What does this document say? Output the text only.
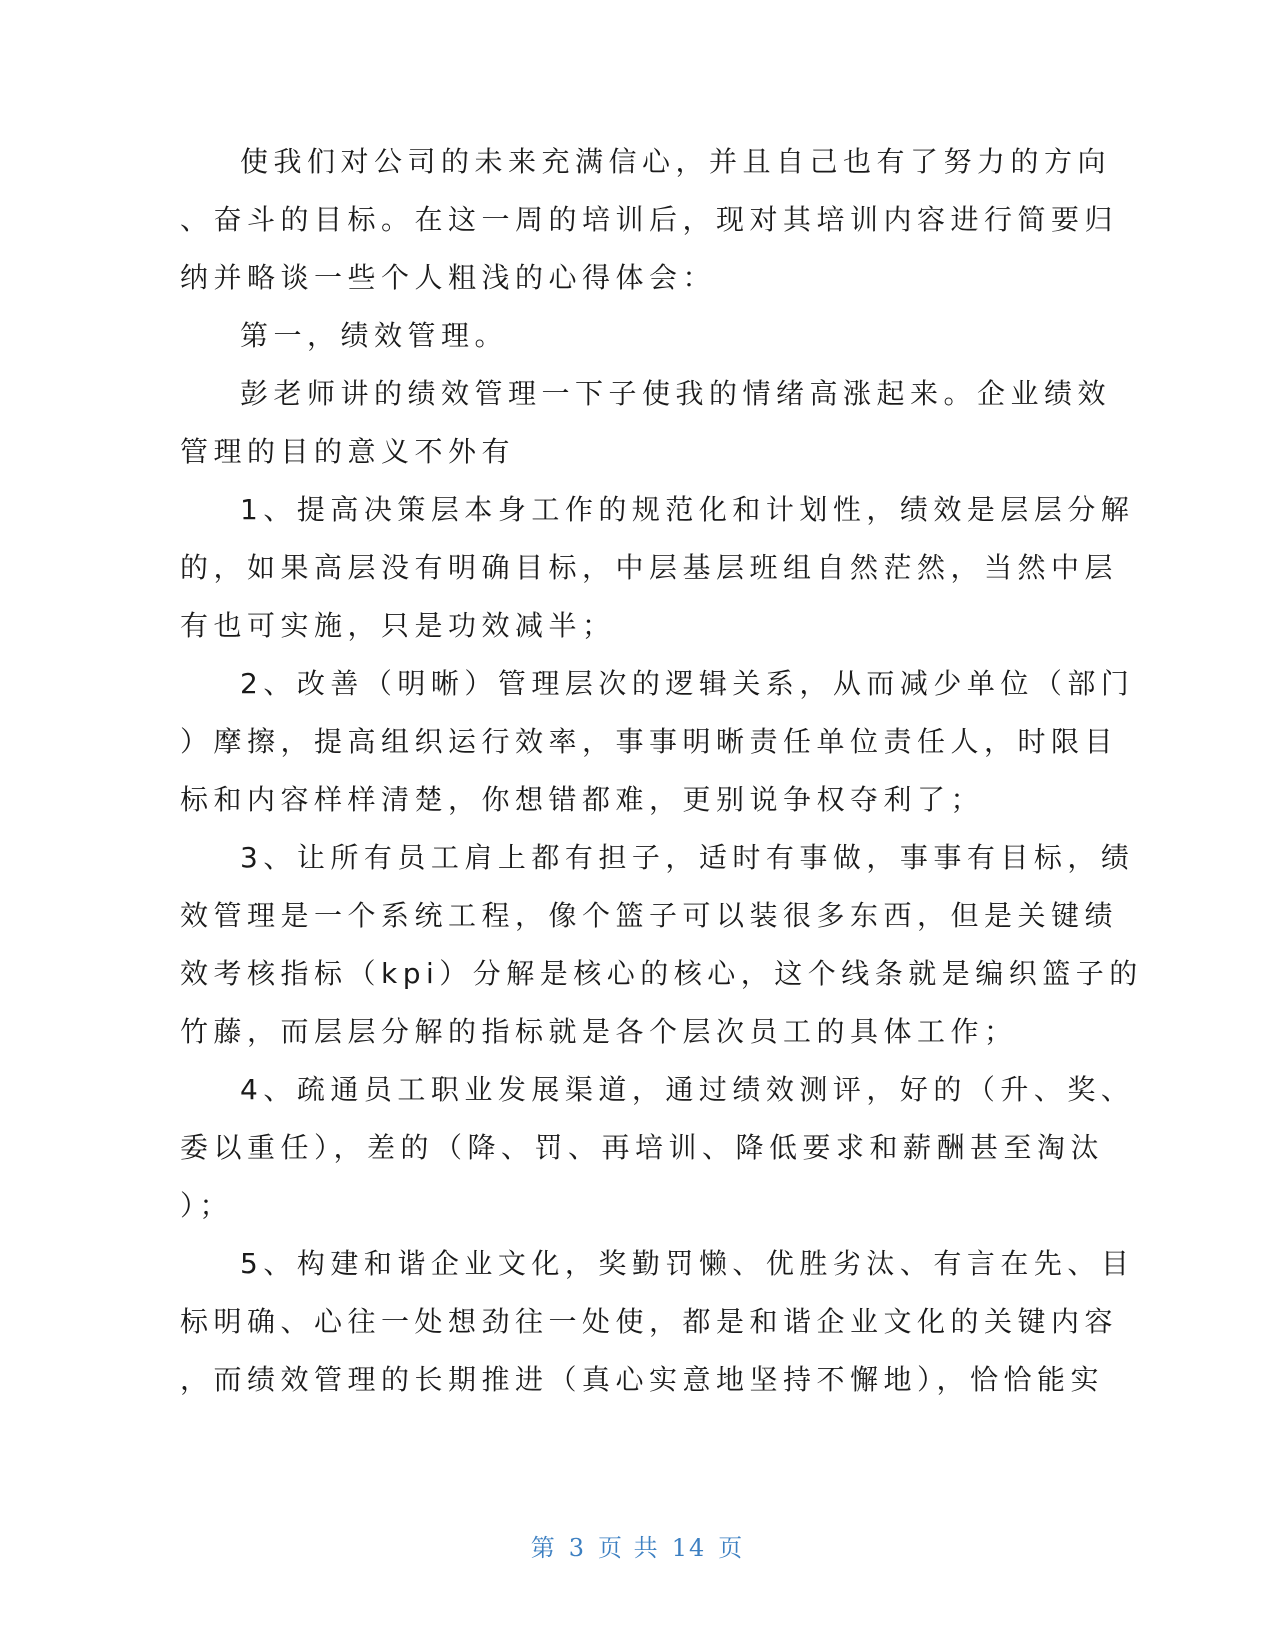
使我们对公司的未来充满信心，并且自己也有了努力的方向
、奋斗的目标。在这一周的培训后，现对其培训内容进行简要归
纳并略谈一些个人粗浅的心得体会：
第一，绩效管理。
彭老师讲的绩效管理一下子使我的情绪高涨起来。企业绩效
管理的目的意义不外有
1、提高决策层本身工作的规范化和计划性，绩效是层层分解
的，如果高层没有明确目标，中层基层班组自然茫然，当然中层
有也可实施，只是功效减半；
2、改善（明晰）管理层次的逻辑关系，从而减少单位（部门
）摩擦，提高组织运行效率，事事明晰责任单位责任人，时限目
标和内容样样清楚，你想错都难，更别说争权夺利了；
3、让所有员工肩上都有担子，适时有事做，事事有目标，绩
效管理是一个系统工程，像个篮子可以装很多东西，但是关键绩
效考核指标（kpi）分解是核心的核心，这个线条就是编织篮子的
竹藤，而层层分解的指标就是各个层次员工的具体工作；
4、疏通员工职业发展渠道，通过绩效测评，好的（升、奖、
委以重任），差的（降、罚、再培训、降低要求和薪酬甚至淘汰
）；
5、构建和谐企业文化，奖勤罚懒、优胜劣汰、有言在先、目
标明确、心往一处想劲往一处使，都是和谐企业文化的关键内容
，而绩效管理的长期推进（真心实意地坚持不懈地），恰恰能实
第 3 页 共 14 页
